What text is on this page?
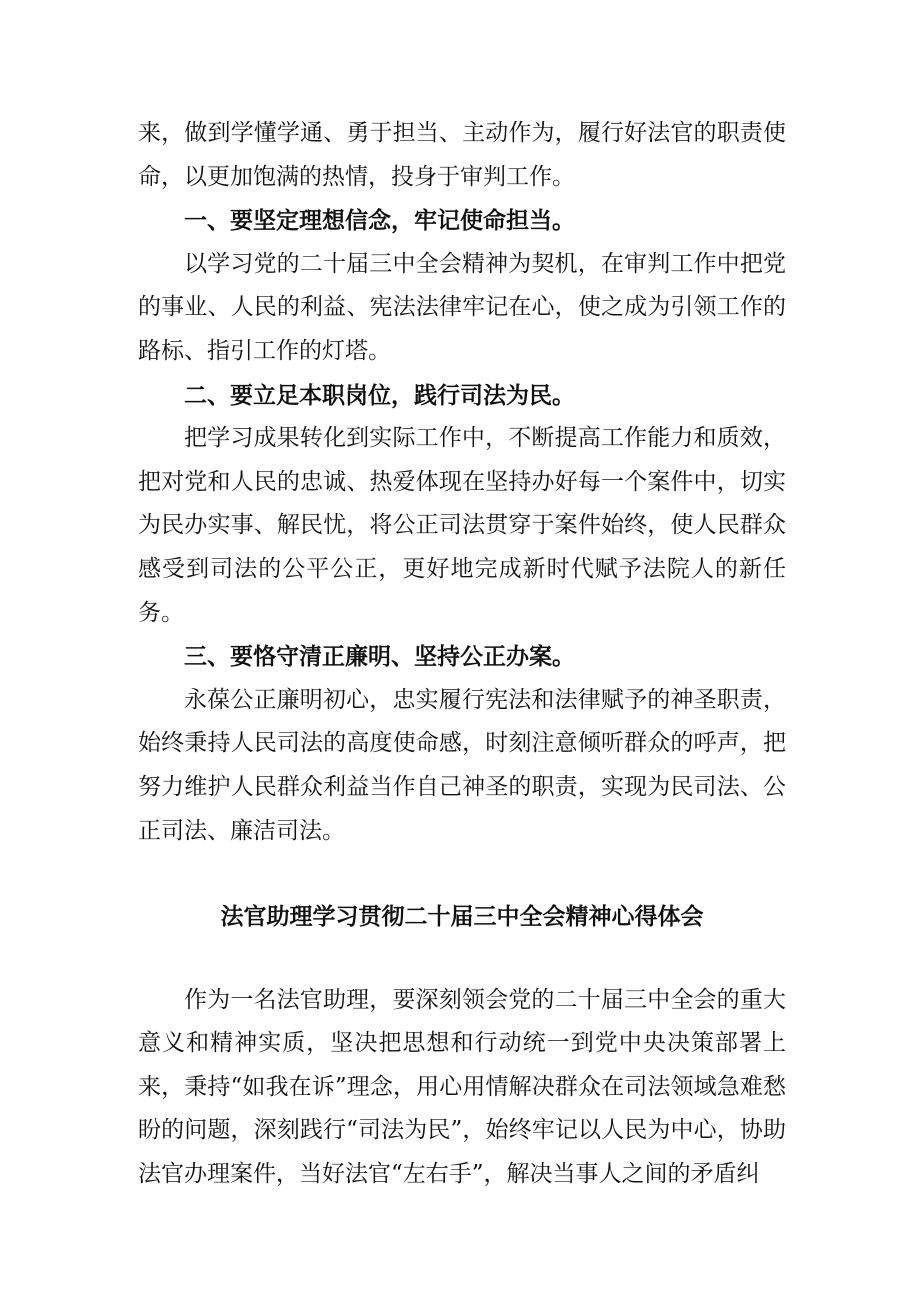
来，做到学懂学通、勇于担当、主动作为，履行好法官的职责使命，以更加饱满的热情，投身于审判工作。

一、要坚定理想信念，牢记使命担当。

以学习党的二十届三中全会精神为契机，在审判工作中把党的事业、人民的利益、宪法法律牢记在心，使之成为引领工作的路标、指引工作的灯塔。

二、要立足本职岗位，践行司法为民。

把学习成果转化到实际工作中，不断提高工作能力和质效，把对党和人民的忠诚、热爱体现在坚持办好每一个案件中，切实为民办实事、解民忧，将公正司法贯穿于案件始终，使人民群众感受到司法的公平公正，更好地完成新时代赋予法院人的新任务。

三、要恪守清正廉明、坚持公正办案。

永葆公正廉明初心，忠实履行宪法和法律赋予的神圣职责，始终秉持人民司法的高度使命感，时刻注意倾听群众的呼声，把努力维护人民群众利益当作自己神圣的职责，实现为民司法、公正司法、廉洁司法。

法官助理学习贯彻二十届三中全会精神心得体会

作为一名法官助理，要深刻领会党的二十届三中全会的重大意义和精神实质，坚决把思想和行动统一到党中央决策部署上来，秉持“如我在诉”理念，用心用情解决群众在司法领域急难愁盼的问题，深刻践行“司法为民”，始终牢记以人民为中心，协助法官办理案件，当好法官“左右手”，解决当事人之间的矛盾纠
